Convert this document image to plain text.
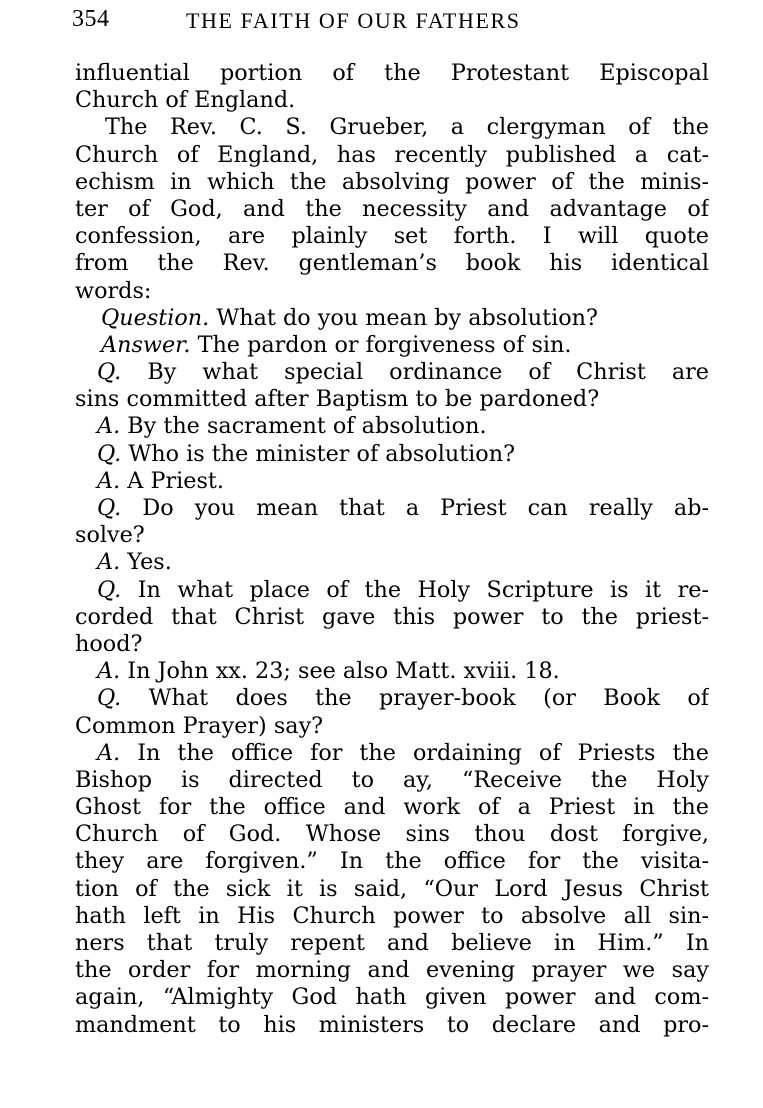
354	THE FAITH OF OUR FATHERS
influential portion of the Protestant Episcopal
Church of England.
The Rev. C. S. Grueber, a clergyman of the
Church of England, has recently published a cat-
echism in which the absolving power of the minis-
ter of God, and the necessity and advantage of
confession, are plainly set forth. I will quote
from the Rev. gentleman’s book his identical
words:
Question. What do you mean by absolution?
Answer. The pardon or forgiveness of sin.
Q. By what special ordinance of Christ are
sins committed after Baptism to be pardoned?
A. By the sacrament of absolution.
Q. Who is the minister of absolution?
A. A Priest.
Q. Do you mean that a Priest can really ab-
solve?
A. Yes.
Q. In what place of the Holy Scripture is it re-
corded that Christ gave this power to the priest-
hood?
A. In John xx. 23; see also Matt. xviii. 18.
Q. What does the prayer-book (or Book of
Common Prayer) say?
A. In the office for the ordaining of Priests the
Bishop is directed to ay, “Receive the Holy
Ghost for the office and work of a Priest in the
Church of God. Whose sins thou dost forgive,
they are forgiven.” In the office for the visita-
tion of the sick it is said, “Our Lord Jesus Christ
hath left in His Church power to absolve all sin-
ners that truly repent and believe in Him.” In
the order for morning and evening prayer we say
again, “Almighty God hath given power and com-
mandment to his ministers to declare and pro-
